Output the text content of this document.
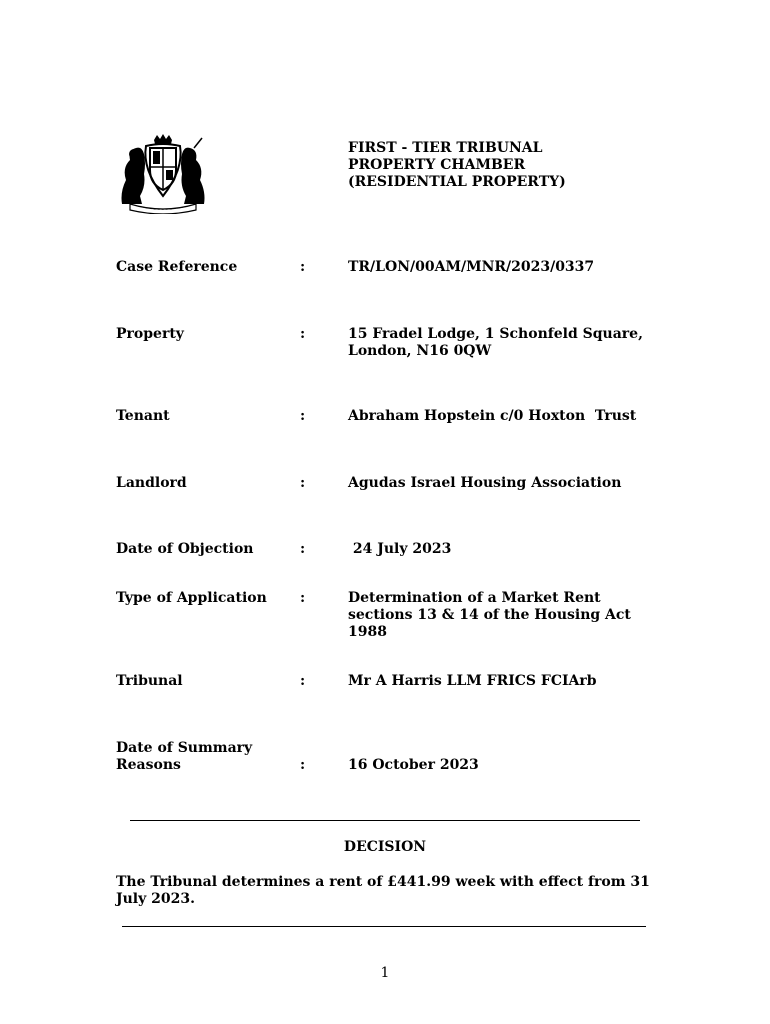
FIRST - TIER TRIBUNAL
PROPERTY CHAMBER
(RESIDENTIAL PROPERTY)
Case Reference	:	TR/LON/00AM/MNR/2023/0337
Property	:	15 Fradel Lodge, 1 Schonfeld Square, London, N16 0QW
Tenant	:	Abraham Hopstein c/0 Hoxton  Trust
Landlord	:	Agudas Israel Housing Association
Date of Objection	:	24 July 2023
Type of Application :	Determination of a Market Rent sections 13 & 14 of the Housing Act 1988
Tribunal	:	Mr A Harris LLM FRICS FCIArb
Date of Summary Reasons	:	16 October 2023
DECISION
The Tribunal determines a rent of £441.99 week with effect from 31 July 2023.
1
